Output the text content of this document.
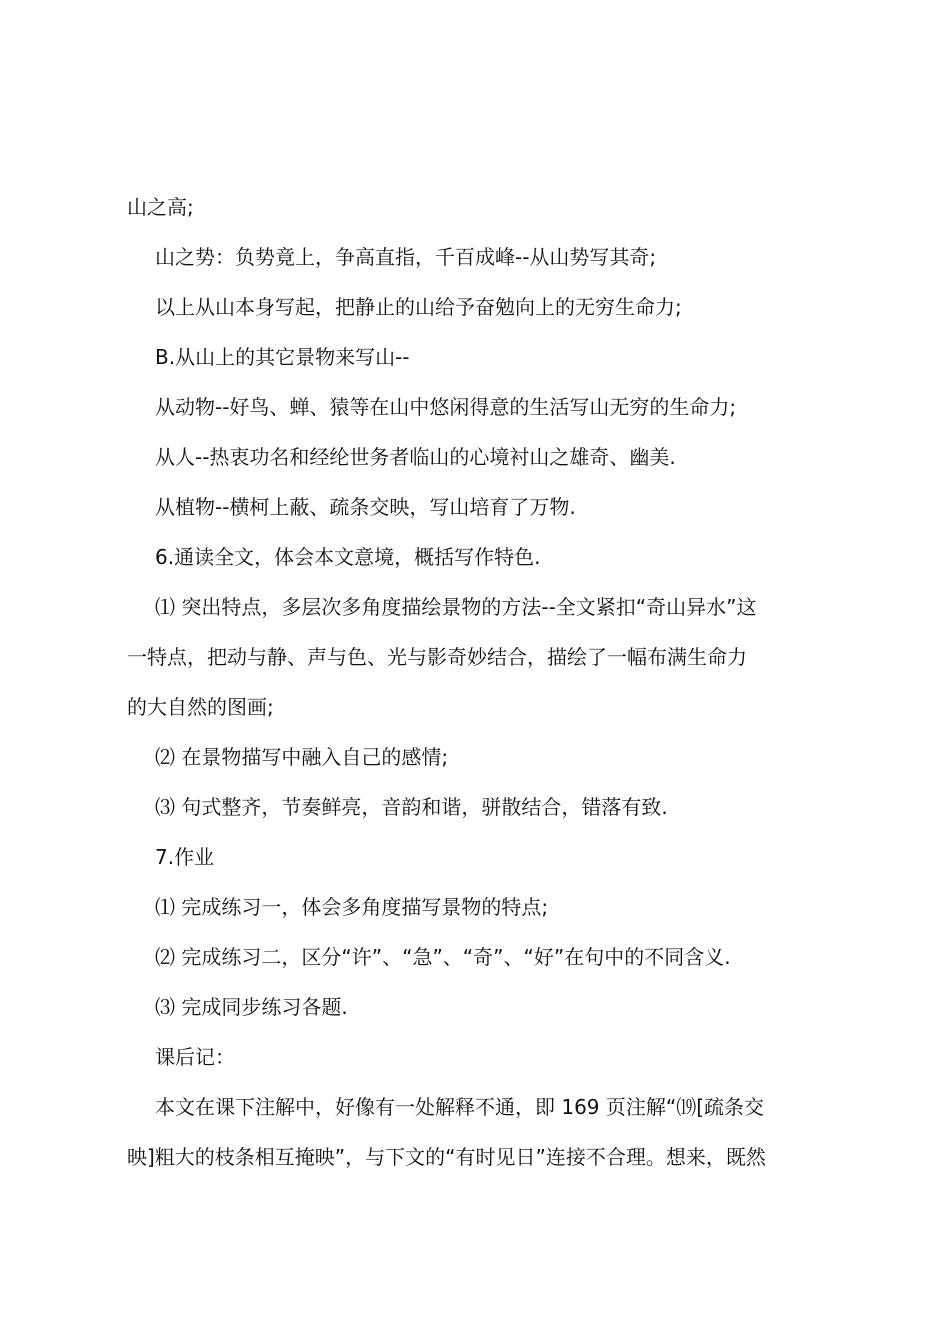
山之高;
山之势：负势竟上，争高直指，千百成峰--从山势写其奇;
以上从山本身写起，把静止的山给予奋勉向上的无穷生命力;
B.从山上的其它景物来写山--
从动物--好鸟、蝉、猿等在山中悠闲得意的生活写山无穷的生命力;
从人--热衷功名和经纶世务者临山的心境衬山之雄奇、幽美.
从植物--横柯上蔽、疏条交映，写山培育了万物.
6.通读全文，体会本文意境，概括写作特色.
⑴ 突出特点，多层次多角度描绘景物的方法--全文紧扣“奇山异水”这
一特点，把动与静、声与色、光与影奇妙结合，描绘了一幅布满生命力
的大自然的图画;
⑵ 在景物描写中融入自己的感情;
⑶ 句式整齐，节奏鲜亮，音韵和谐，骈散结合，错落有致.
7.作业
⑴ 完成练习一，体会多角度描写景物的特点;
⑵ 完成练习二，区分“许”、“急”、“奇”、“好”在句中的不同含义.
⑶ 完成同步练习各题.
课后记：
本文在课下注解中，好像有一处解释不通，即 169 页注解“⒆[疏条交
映]粗大的枝条相互掩映”，与下文的“有时见日”连接不合理。想来，既然
